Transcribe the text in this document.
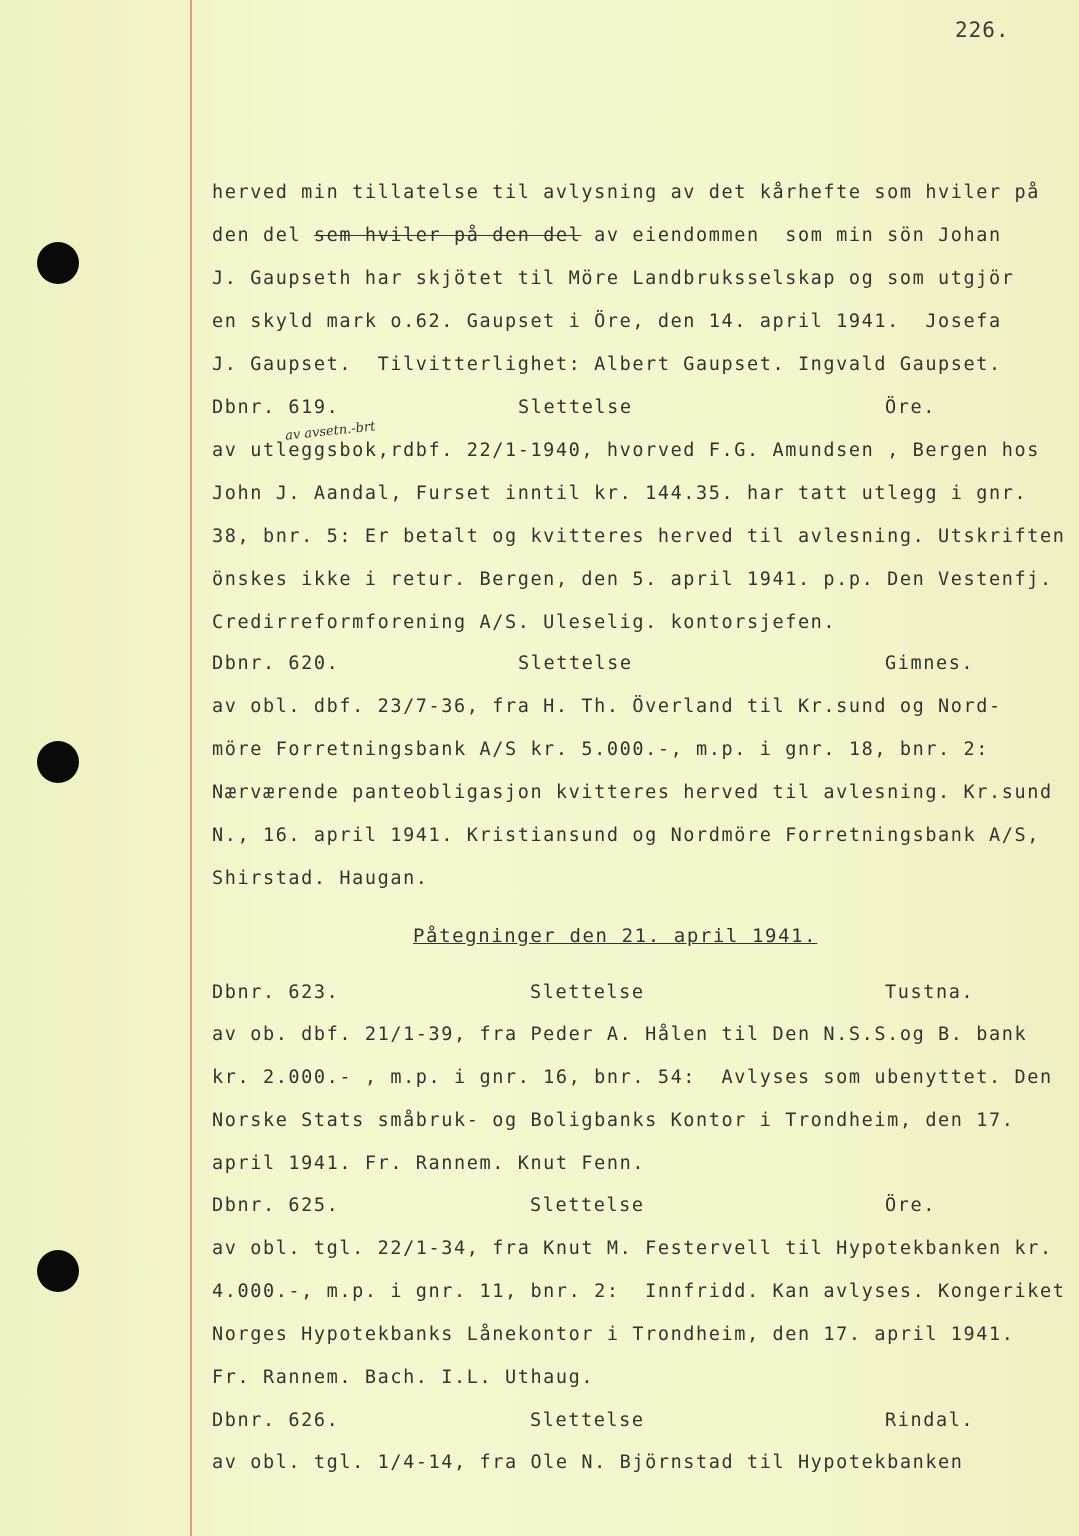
226.
herved min tillatelse til avlysning av det kårhefte som hviler på
den del sem hviler på den del av eiendommen  som min sön Johan
J. Gaupseth har skjötet til Möre Landbruksselskap og som utgjör
en skyld mark o.62. Gaupset i Öre, den 14. april 1941.  Josefa
J. Gaupset.  Tilvitterlighet: Albert Gaupset. Ingvald Gaupset.
Dbnr. 619.	Slettelse	Öre.
av avsetn.-brt
av utleggsbok,rdbf. 22/1-1940, hvorved F.G. Amundsen , Bergen hos
John J. Aandal, Furset inntil kr. 144.35. har tatt utlegg i gnr.
38, bnr. 5: Er betalt og kvitteres herved til avlesning. Utskriften
önskes ikke i retur. Bergen, den 5. april 1941. p.p. Den Vestenfj.
Credirreformforening A/S. Uleselig. kontorsjefen.
Dbnr. 620.	Slettelse	Gimnes.
av obl. dbf. 23/7-36, fra H. Th. Överland til Kr.sund og Nord-
möre Forretningsbank A/S kr. 5.000.-, m.p. i gnr. 18, bnr. 2:
Nærværende panteobligasjon kvitteres herved til avlesning. Kr.sund
N., 16. april 1941. Kristiansund og Nordmöre Forretningsbank A/S,
Shirstad. Haugan.
Påtegninger den 21. april 1941.
Dbnr. 623.	Slettelse	Tustna.
av ob. dbf. 21/1-39, fra Peder A. Hålen til Den N.S.S.og B. bank
kr. 2.000.- , m.p. i gnr. 16, bnr. 54:  Avlyses som ubenyttet. Den
Norske Stats småbruk- og Boligbanks Kontor i Trondheim, den 17.
april 1941. Fr. Rannem. Knut Fenn.
Dbnr. 625.	Slettelse	Öre.
av obl. tgl. 22/1-34, fra Knut M. Festervell til Hypotekbanken kr.
4.000.-, m.p. i gnr. 11, bnr. 2:  Innfridd. Kan avlyses. Kongeriket
Norges Hypotekbanks Lånekontor i Trondheim, den 17. april 1941.
Fr. Rannem. Bach. I.L. Uthaug.
Dbnr. 626.	Slettelse	Rindal.
av obl. tgl. 1/4-14, fra Ole N. Björnstad til Hypotekbanken
